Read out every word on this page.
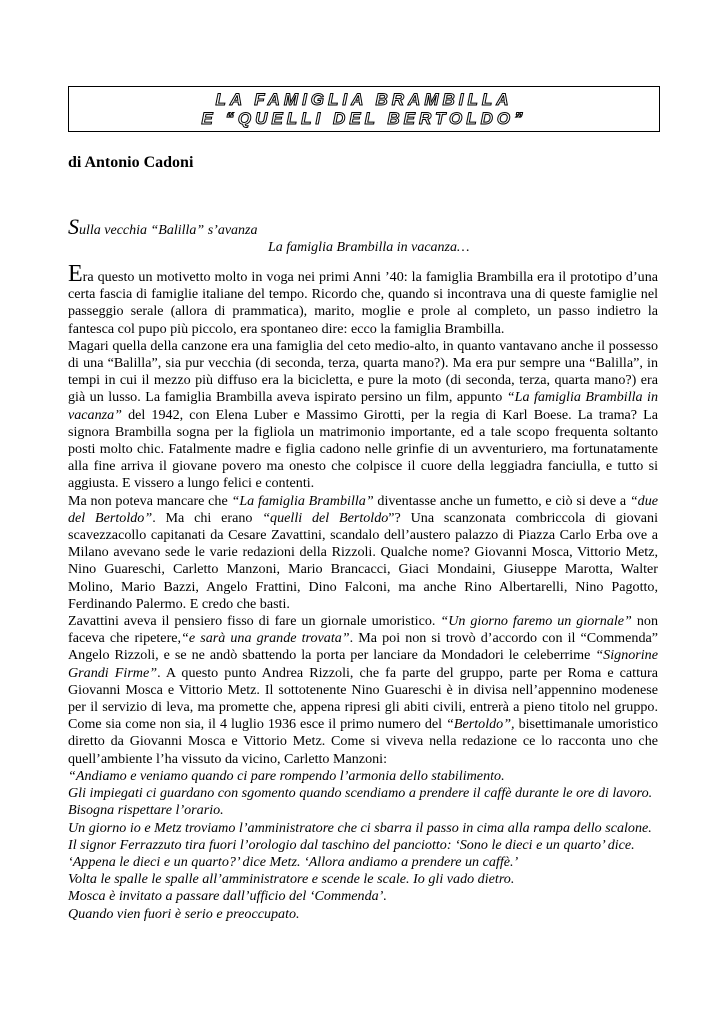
LA FAMIGLIA BRAMBILLA
E “QUELLI DEL BERTOLDO”
di Antonio Cadoni
Sulla vecchia “Balilla” s’avanza
La famiglia Brambilla in vacanza…

Era questo un motivetto molto in voga nei primi Anni ’40: la famiglia Brambilla era il prototipo d’una certa fascia di famiglie italiane del tempo. Ricordo che, quando si incontrava una di queste famiglie nel passeggio serale (allora di prammatica), marito, moglie e prole al completo, un passo indietro la fantesca col pupo più piccolo, era spontaneo dire: ecco la famiglia Brambilla.

Magari quella della canzone era una famiglia del ceto medio-alto, in quanto vantavano anche il possesso di una “Balilla”, sia pur vecchia (di seconda, terza, quarta mano?). Ma era pur sempre una “Balilla”, in tempi in cui il mezzo più diffuso era la bicicletta, e pure la moto (di seconda, terza, quarta mano?) era già un lusso. La famiglia Brambilla aveva ispirato persino un film, appunto “La famiglia Brambilla in vacanza” del 1942, con Elena Luber e Massimo Girotti, per la regia di Karl Boese. La trama? La signora Brambilla sogna per la figliola un matrimonio importante, ed a tale scopo frequenta soltanto posti molto chic. Fatalmente madre e figlia cadono nelle grinfie di un avventuriero, ma fortunatamente alla fine arriva il giovane povero ma onesto che colpisce il cuore della leggiadra fanciulla, e tutto si aggiusta. E vissero a lungo felici e contenti.

Ma non poteva mancare che “La famiglia Brambilla” diventasse anche un fumetto, e ciò si deve a “due del Bertoldo”. Ma chi erano “quelli del Bertoldo”? Una scanzonata combriccola di giovani scavezzacollo capitanati da Cesare Zavattini, scandalo dell’austero palazzo di Piazza Carlo Erba ove a Milano avevano sede le varie redazioni della Rizzoli. Qualche nome? Giovanni Mosca, Vittorio Metz, Nino Guareschi, Carletto Manzoni, Mario Brancacci, Giaci Mondaini, Giuseppe Marotta, Walter Molino, Mario Bazzi, Angelo Frattini, Dino Falconi, ma anche Rino Albertarelli, Nino Pagotto, Ferdinando Palermo. E credo che basti.

Zavattini aveva il pensiero fisso di fare un giornale umoristico. “Un giorno faremo un giornale” non faceva che ripetere,“e sarà una grande trovata”. Ma poi non si trovò d’accordo con il “Commenda” Angelo Rizzoli, e se ne andò sbattendo la porta per lanciare da Mondadori le celeberrime “Signorine Grandi Firme”. A questo punto Andrea Rizzoli, che fa parte del gruppo, parte per Roma e cattura Giovanni Mosca e Vittorio Metz. Il sottotenente Nino Guareschi è in divisa nell’appennino modenese per il servizio di leva, ma promette che, appena ripresi gli abiti civili, entrerà a pieno titolo nel gruppo. Come sia come non sia, il 4 luglio 1936 esce il primo numero del “Bertoldo”, bisettimanale umoristico diretto da Giovanni Mosca e Vittorio Metz. Come si viveva nella redazione ce lo racconta uno che quell’ambiente l’ha vissuto da vicino, Carletto Manzoni:

“Andiamo e veniamo quando ci pare rompendo l’armonia dello stabilimento.

Gli impiegati ci guardano con sgomento quando scendiamo a prendere il caffè durante le ore di lavoro.

Bisogna rispettare l’orario.

Un giorno io e Metz troviamo l’amministratore che ci sbarra il passo in cima alla rampa dello scalone.

Il signor Ferrazzuto tira fuori l’orologio dal taschino del panciotto: ‘Sono le dieci e un quarto’ dice.

‘Appena le dieci e un quarto?’ dice Metz. ‘Allora andiamo a prendere un caffè.’

Volta le spalle le spalle all’amministratore e scende le scale. Io gli vado dietro.

Mosca è invitato a passare dall’ufficio del ‘Commenda’.

Quando vien fuori è serio e preoccupato.
